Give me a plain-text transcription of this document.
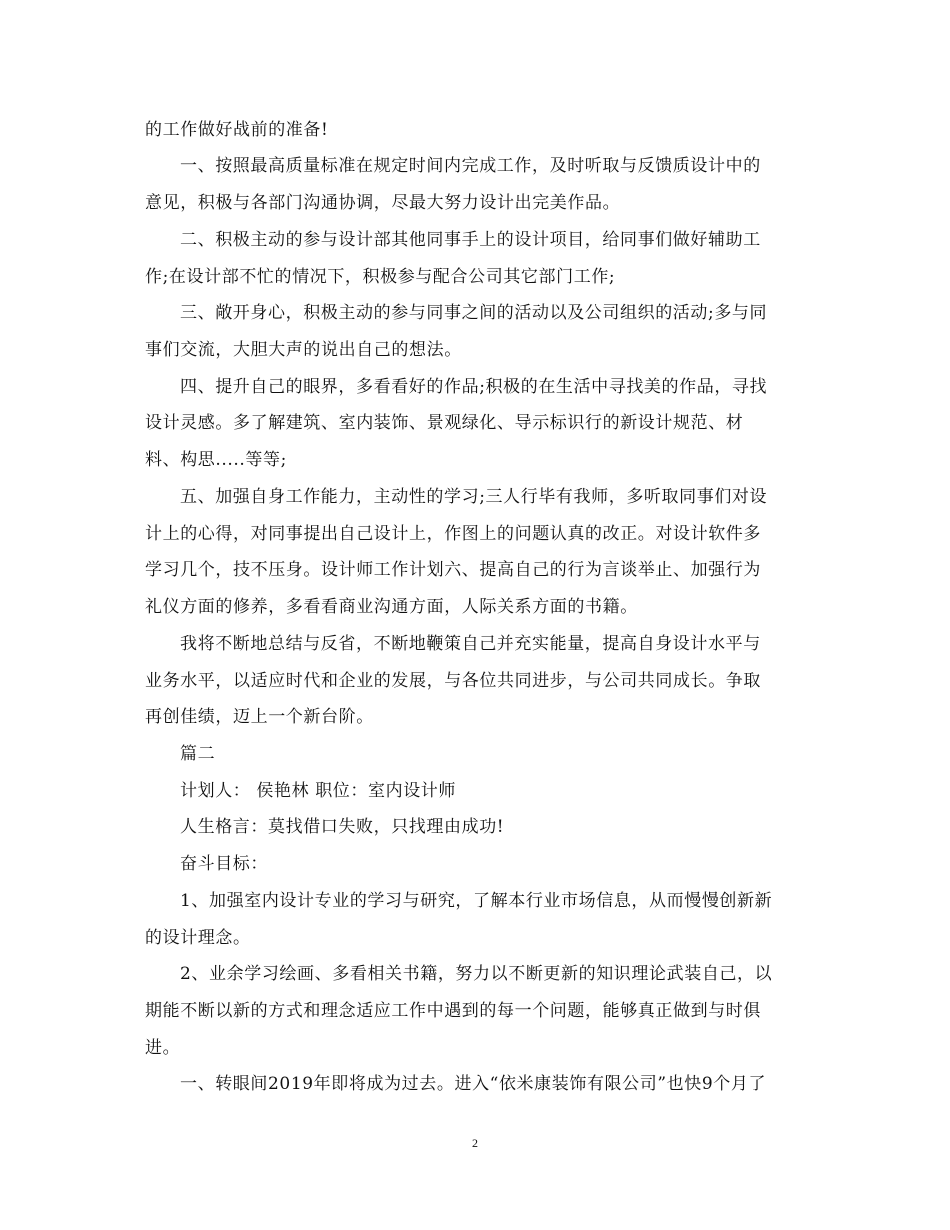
的工作做好战前的准备!
一、按照最高质量标准在规定时间内完成工作，及时听取与反馈质设计中的
意见，积极与各部门沟通协调，尽最大努力设计出完美作品。
二、积极主动的参与设计部其他同事手上的设计项目，给同事们做好辅助工
作;在设计部不忙的情况下，积极参与配合公司其它部门工作;
三、敞开身心，积极主动的参与同事之间的活动以及公司组织的活动;多与同
事们交流，大胆大声的说出自己的想法。
四、提升自己的眼界，多看看好的作品;积极的在生活中寻找美的作品，寻找
设计灵感。多了解建筑、室内装饰、景观绿化、导示标识行的新设计规范、材
料、构思.....等等;
五、加强自身工作能力，主动性的学习;三人行毕有我师，多听取同事们对设
计上的心得，对同事提出自己设计上，作图上的问题认真的改正。对设计软件多
学习几个，技不压身。设计师工作计划六、提高自己的行为言谈举止、加强行为
礼仪方面的修养，多看看商业沟通方面，人际关系方面的书籍。
我将不断地总结与反省，不断地鞭策自己并充实能量，提高自身设计水平与
业务水平，以适应时代和企业的发展，与各位共同进步，与公司共同成长。争取
再创佳绩，迈上一个新台阶。
篇二
计划人： 侯艳林 职位：室内设计师
人生格言：莫找借口失败，只找理由成功!
奋斗目标：
1、加强室内设计专业的学习与研究，了解本行业市场信息，从而慢慢创新新
的设计理念。
2、业余学习绘画、多看相关书籍，努力以不断更新的知识理论武装自己，以
期能不断以新的方式和理念适应工作中遇到的每一个问题，能够真正做到与时俱
进。
一、转眼间2019年即将成为过去。进入“依米康装饰有限公司”也快9个月了
2
